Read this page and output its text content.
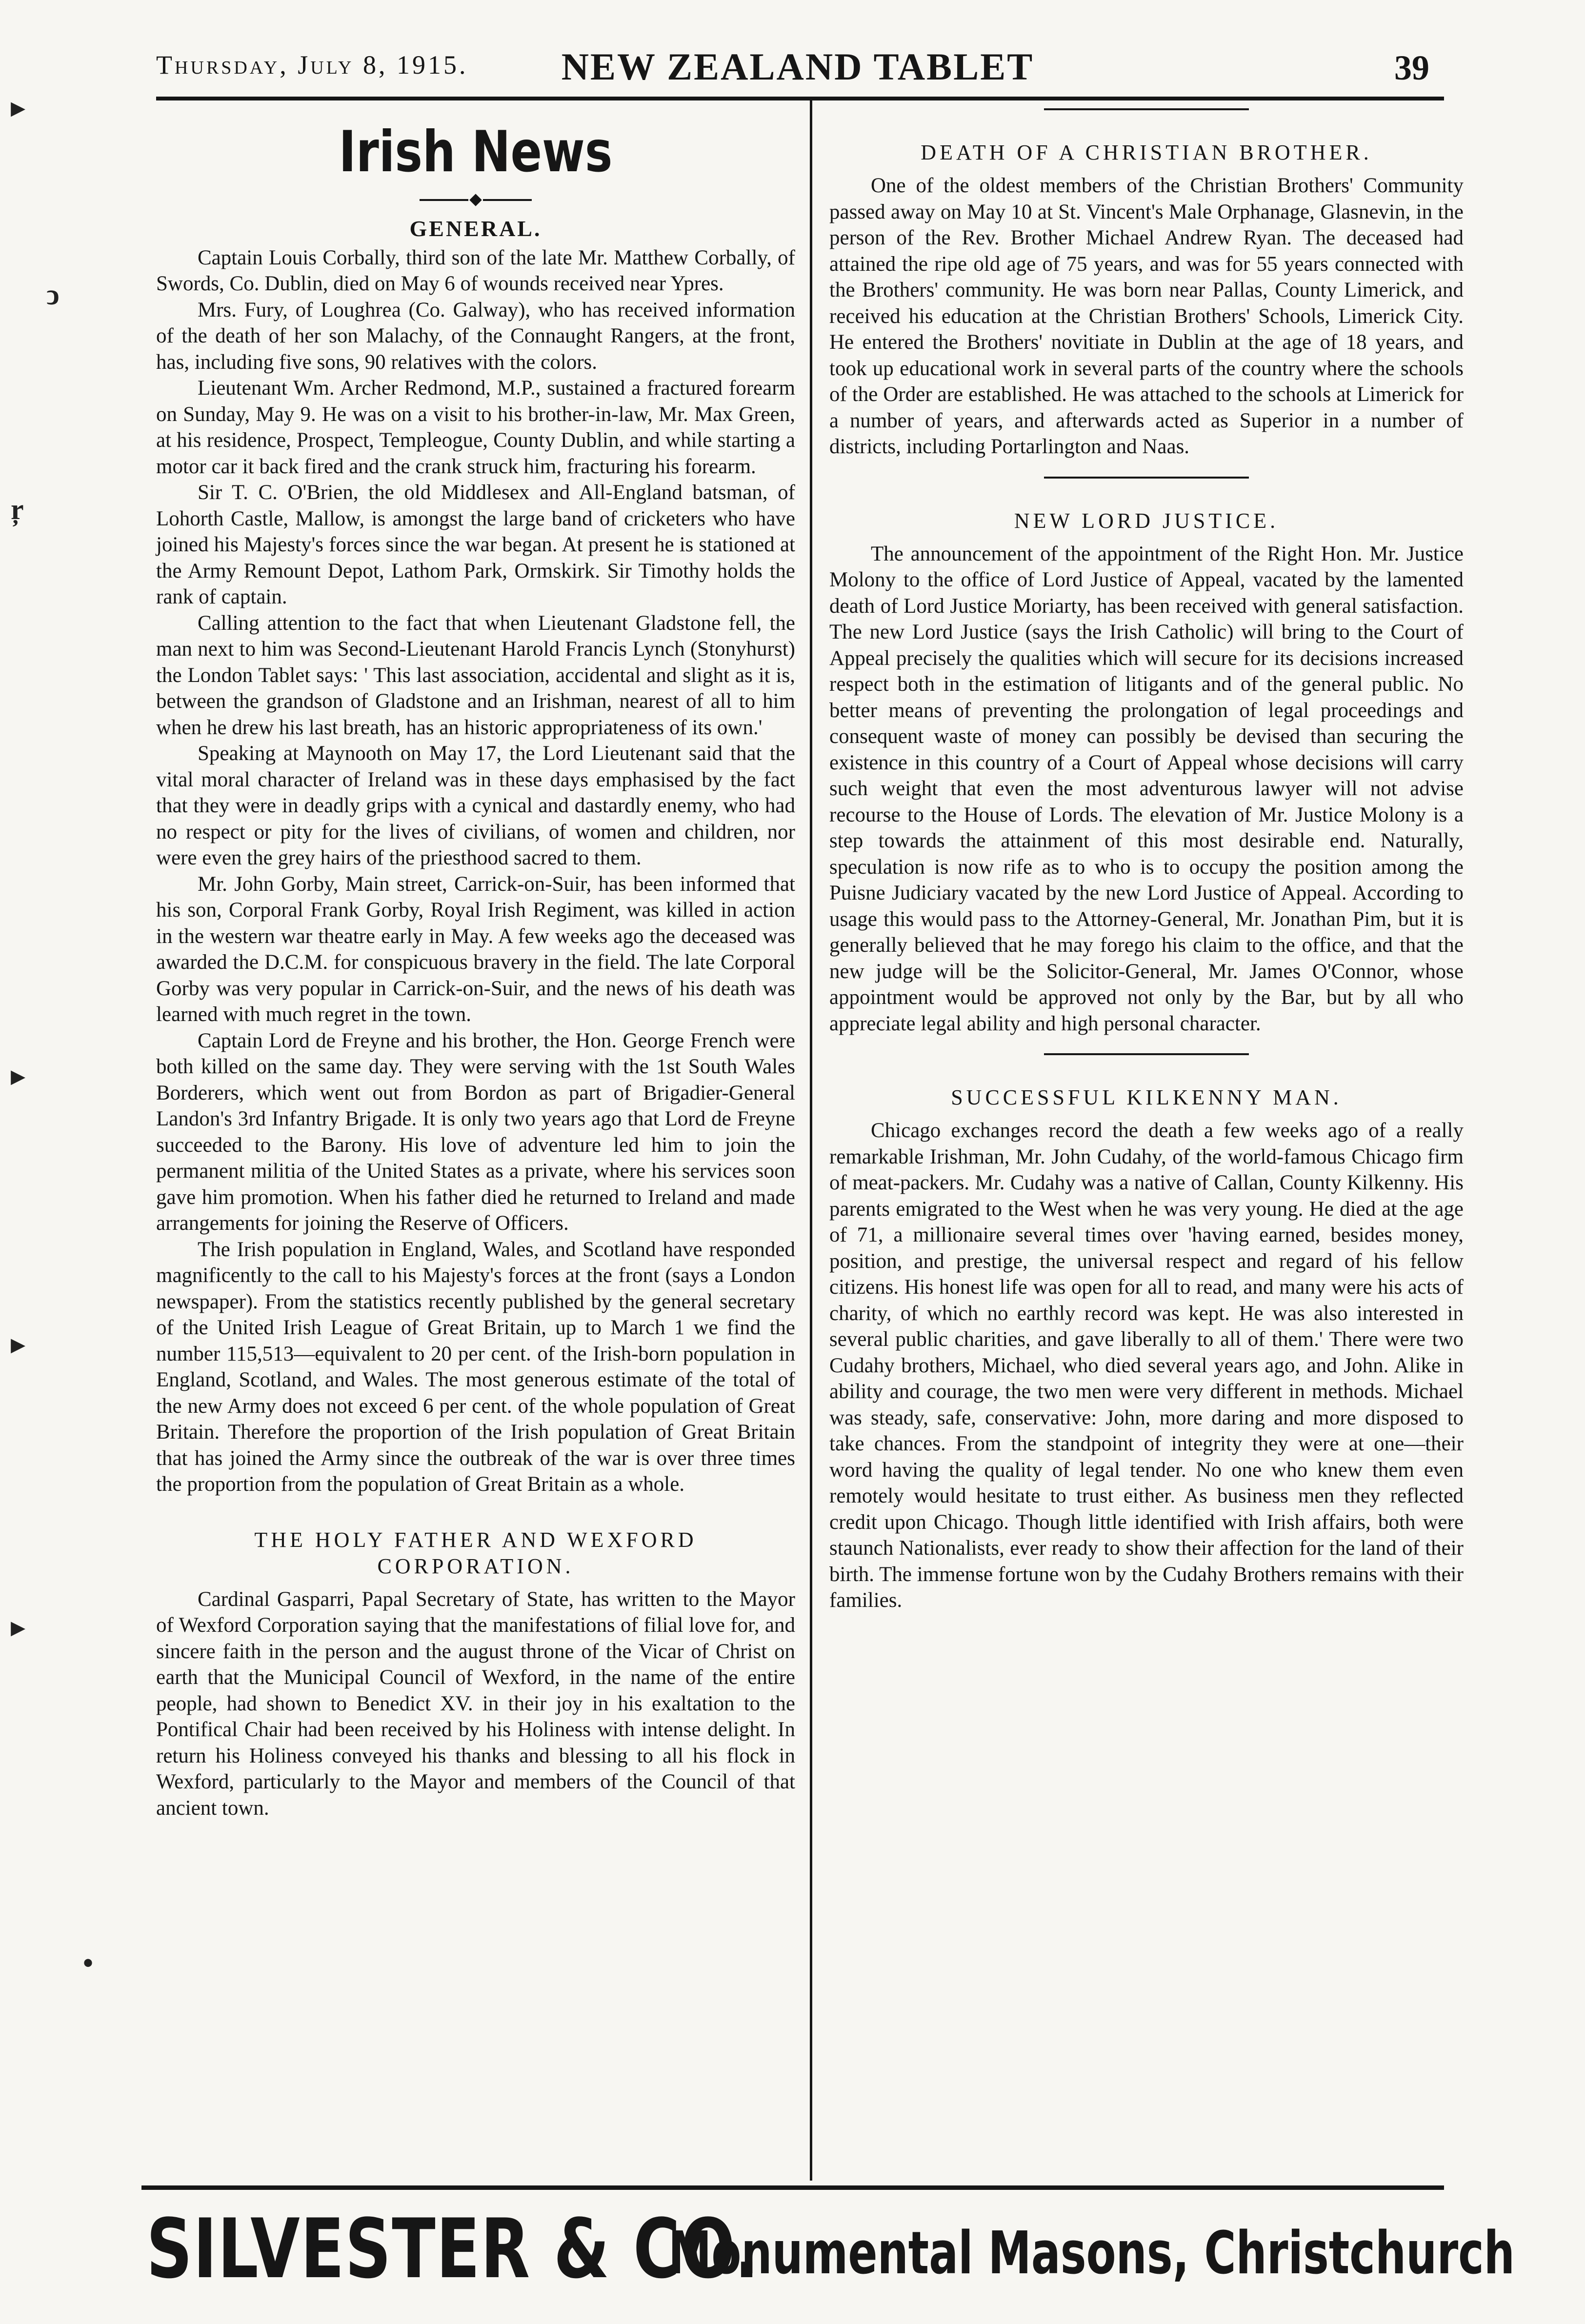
Thursday, July 8, 1915.	NEW ZEALAND TABLET	39
▸
ↄ
ŗ
▸
▸
▸
•
Irish News
GENERAL.

Captain Louis Corbally, third son of the late Mr. Matthew Corbally, of Swords, Co. Dublin, died on May 6 of wounds received near Ypres.

Mrs. Fury, of Loughrea (Co. Galway), who has received information of the death of her son Malachy, of the Connaught Rangers, at the front, has, including five sons, 90 relatives with the colors.

Lieutenant Wm. Archer Redmond, M.P., sustained a fractured forearm on Sunday, May 9. He was on a visit to his brother-in-law, Mr. Max Green, at his residence, Prospect, Templeogue, County Dublin, and while starting a motor car it back fired and the crank struck him, fracturing his forearm.

Sir T. C. O'Brien, the old Middlesex and All-England batsman, of Lohorth Castle, Mallow, is amongst the large band of cricketers who have joined his Majesty's forces since the war began. At present he is stationed at the Army Remount Depot, Lathom Park, Ormskirk. Sir Timothy holds the rank of captain.

Calling attention to the fact that when Lieutenant Gladstone fell, the man next to him was Second-Lieutenant Harold Francis Lynch (Stonyhurst) the London Tablet says: ' This last association, accidental and slight as it is, between the grandson of Gladstone and an Irishman, nearest of all to him when he drew his last breath, has an historic appropriateness of its own.'

Speaking at Maynooth on May 17, the Lord Lieutenant said that the vital moral character of Ireland was in these days emphasised by the fact that they were in deadly grips with a cynical and dastardly enemy, who had no respect or pity for the lives of civilians, of women and children, nor were even the grey hairs of the priesthood sacred to them.

Mr. John Gorby, Main street, Carrick-on-Suir, has been informed that his son, Corporal Frank Gorby, Royal Irish Regiment, was killed in action in the western war theatre early in May. A few weeks ago the deceased was awarded the D.C.M. for conspicuous bravery in the field. The late Corporal Gorby was very popular in Carrick-on-Suir, and the news of his death was learned with much regret in the town.

Captain Lord de Freyne and his brother, the Hon. George French were both killed on the same day. They were serving with the 1st South Wales Borderers, which went out from Bordon as part of Brigadier-General Landon's 3rd Infantry Brigade. It is only two years ago that Lord de Freyne succeeded to the Barony. His love of adventure led him to join the permanent militia of the United States as a private, where his services soon gave him promotion. When his father died he returned to Ireland and made arrangements for joining the Reserve of Officers.

The Irish population in England, Wales, and Scotland have responded magnificently to the call to his Majesty's forces at the front (says a London newspaper). From the statistics recently published by the general secretary of the United Irish League of Great Britain, up to March 1 we find the number 115,513—equivalent to 20 per cent. of the Irish-born population in England, Scotland, and Wales. The most generous estimate of the total of the new Army does not exceed 6 per cent. of the whole population of Great Britain. Therefore the proportion of the Irish population of Great Britain that has joined the Army since the outbreak of the war is over three times the proportion from the population of Great Britain as a whole.

THE HOLY FATHER AND WEXFORD CORPORATION.

Cardinal Gasparri, Papal Secretary of State, has written to the Mayor of Wexford Corporation saying that the manifestations of filial love for, and sincere faith in the person and the august throne of the Vicar of Christ on earth that the Municipal Council of Wexford, in the name of the entire people, had shown to Benedict XV. in their joy in his exaltation to the Pontifical Chair had been received by his Holiness with intense delight. In return his Holiness conveyed his thanks and blessing to all his flock in Wexford, particularly to the Mayor and members of the Council of that ancient town.

DEATH OF A CHRISTIAN BROTHER.

One of the oldest members of the Christian Brothers' Community passed away on May 10 at St. Vincent's Male Orphanage, Glasnevin, in the person of the Rev. Brother Michael Andrew Ryan. The deceased had attained the ripe old age of 75 years, and was for 55 years connected with the Brothers' community. He was born near Pallas, County Limerick, and received his education at the Christian Brothers' Schools, Limerick City. He entered the Brothers' novitiate in Dublin at the age of 18 years, and took up educational work in several parts of the country where the schools of the Order are established. He was attached to the schools at Limerick for a number of years, and afterwards acted as Superior in a number of districts, including Portarlington and Naas.

NEW LORD JUSTICE.

The announcement of the appointment of the Right Hon. Mr. Justice Molony to the office of Lord Justice of Appeal, vacated by the lamented death of Lord Justice Moriarty, has been received with general satisfaction. The new Lord Justice (says the Irish Catholic) will bring to the Court of Appeal precisely the qualities which will secure for its decisions increased respect both in the estimation of litigants and of the general public. No better means of preventing the prolongation of legal proceedings and consequent waste of money can possibly be devised than securing the existence in this country of a Court of Appeal whose decisions will carry such weight that even the most adventurous lawyer will not advise recourse to the House of Lords. The elevation of Mr. Justice Molony is a step towards the attainment of this most desirable end. Naturally, speculation is now rife as to who is to occupy the position among the Puisne Judiciary vacated by the new Lord Justice of Appeal. According to usage this would pass to the Attorney-General, Mr. Jonathan Pim, but it is generally believed that he may forego his claim to the office, and that the new judge will be the Solicitor-General, Mr. James O'Connor, whose appointment would be approved not only by the Bar, but by all who appreciate legal ability and high personal character.

SUCCESSFUL KILKENNY MAN.

Chicago exchanges record the death a few weeks ago of a really remarkable Irishman, Mr. John Cudahy, of the world-famous Chicago firm of meat-packers. Mr. Cudahy was a native of Callan, County Kilkenny. His parents emigrated to the West when he was very young. He died at the age of 71, a millionaire several times over 'having earned, besides money, position, and prestige, the universal respect and regard of his fellow citizens. His honest life was open for all to read, and many were his acts of charity, of which no earthly record was kept. He was also interested in several public charities, and gave liberally to all of them.' There were two Cudahy brothers, Michael, who died several years ago, and John. Alike in ability and courage, the two men were very different in methods. Michael was steady, safe, conservative: John, more daring and more disposed to take chances. From the standpoint of integrity they were at one—their word having the quality of legal tender. No one who knew them even remotely would hesitate to trust either. As business men they reflected credit upon Chicago. Though little identified with Irish affairs, both were staunch Nationalists, ever ready to show their affection for the land of their birth. The immense fortune won by the Cudahy Brothers remains with their families.

SILVESTER & CO.
Monumental Masons, Christchurch
